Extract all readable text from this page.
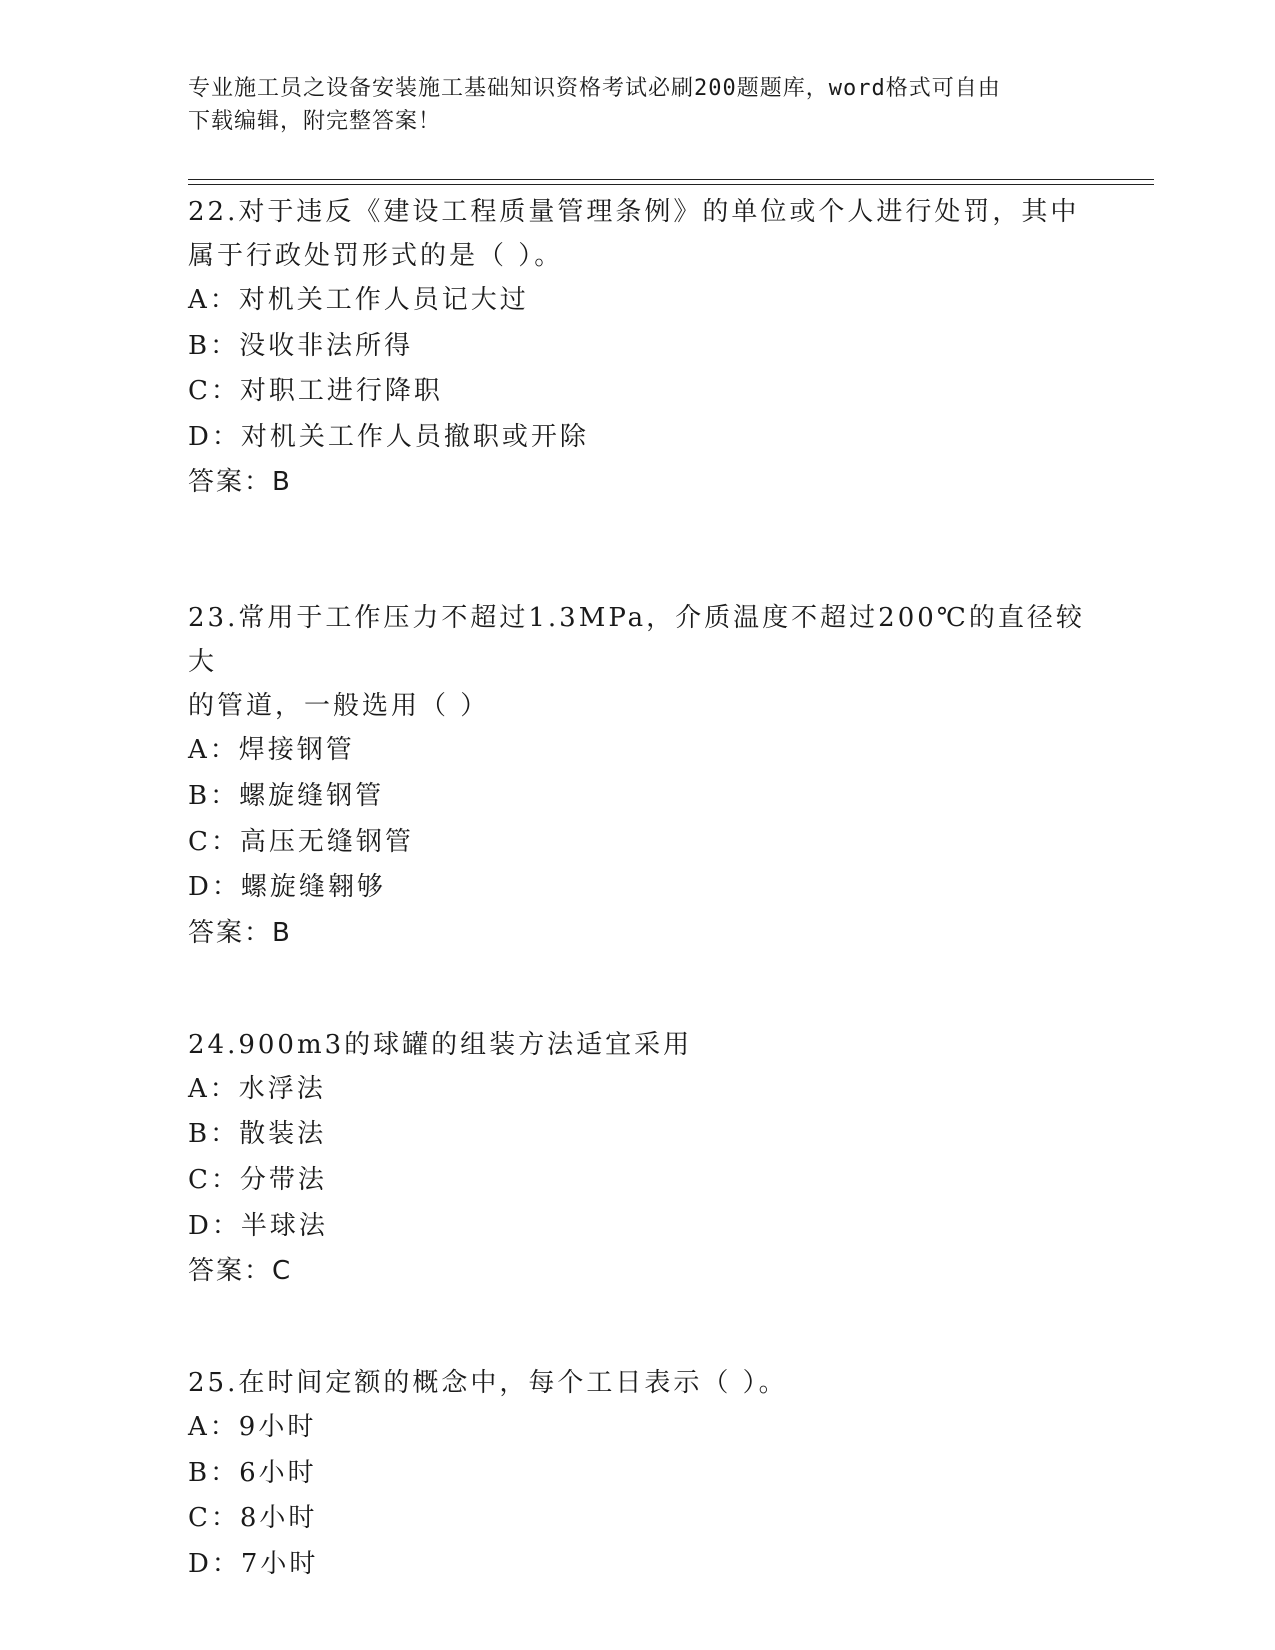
专业施工员之设备安装施工基础知识资格考试必刷200题题库，word格式可自由
下载编辑，附完整答案！

22.对于违反《建设工程质量管理条例》的单位或个人进行处罚，其中

属于行政处罚形式的是（ ）。

A：对机关工作人员记大过

B：没收非法所得

C：对职工进行降职

D：对机关工作人员撤职或开除

答案：B

23.常用于工作压力不超过1.3MPa，介质温度不超过200℃的直径较大

的管道，一般选用（ ）

A：焊接钢管

B：螺旋缝钢管

C：高压无缝钢管

D：螺旋缝翱够

答案：B

24.900m3的球罐的组装方法适宜采用

A：水浮法

B：散装法

C：分带法

D：半球法

答案：C

25.在时间定额的概念中，每个工日表示（ ）。

A：9小时

B：6小时

C：8小时

D：7小时
